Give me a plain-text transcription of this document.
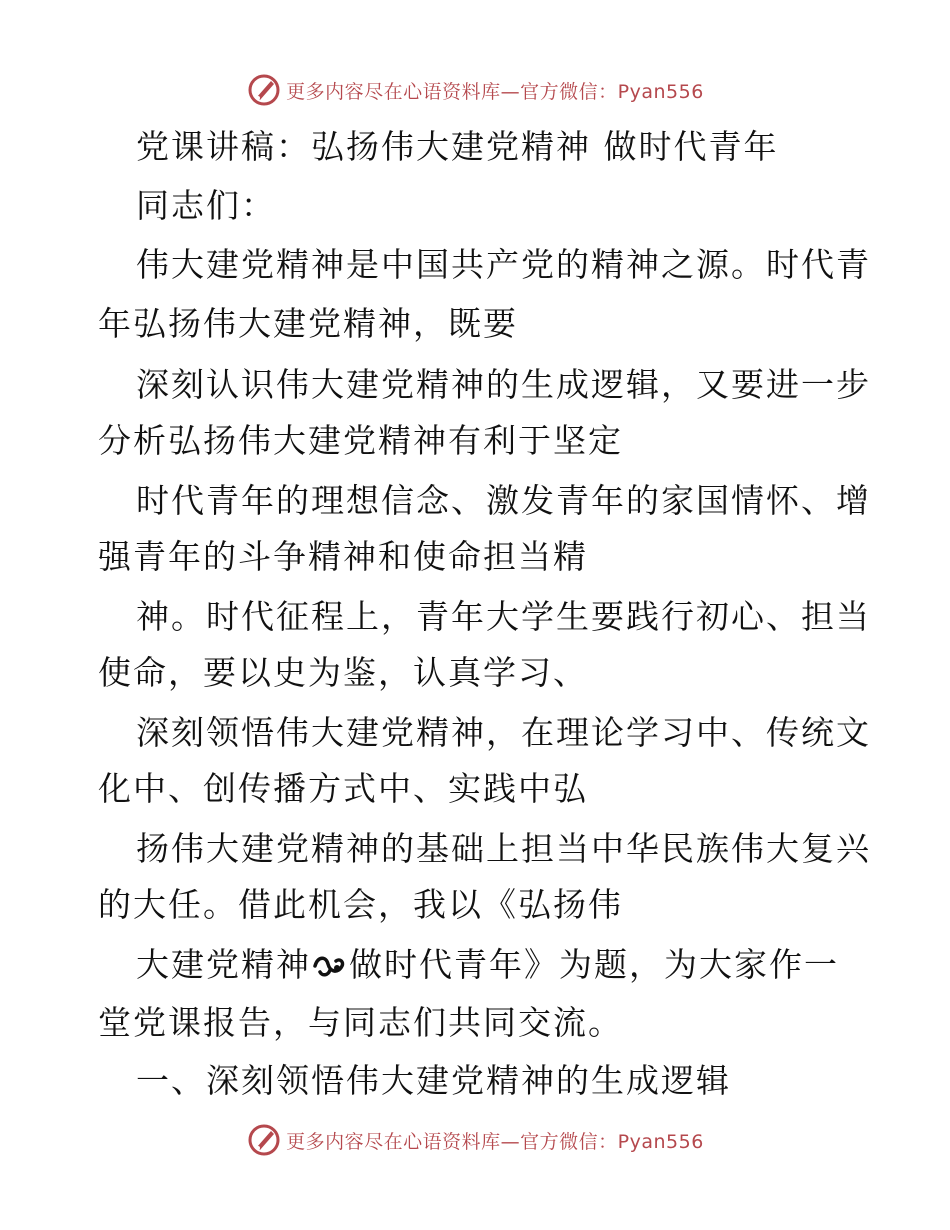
更多内容尽在心语资料库—官方微信：Pyan556
党课讲稿：弘扬伟大建党精神 做时代青年
同志们：
伟大建党精神是中国共产党的精神之源。时代青
年弘扬伟大建党精神，既要
深刻认识伟大建党精神的生成逻辑，又要进一步
分析弘扬伟大建党精神有利于坚定
时代青年的理想信念、激发青年的家国情怀、增
强青年的斗争精神和使命担当精
神。时代征程上，青年大学生要践行初心、担当
使命，要以史为鉴，认真学习、
深刻领悟伟大建党精神，在理论学习中、传统文
化中、创传播方式中、实践中弘
扬伟大建党精神的基础上担当中华民族伟大复兴
的大任。借此机会，我以《弘扬伟
大建党精神 做时代青年》为题，为大家作一
堂党课报告，与同志们共同交流。
一、深刻领悟伟大建党精神的生成逻辑
更多内容尽在心语资料库—官方微信：Pyan556
